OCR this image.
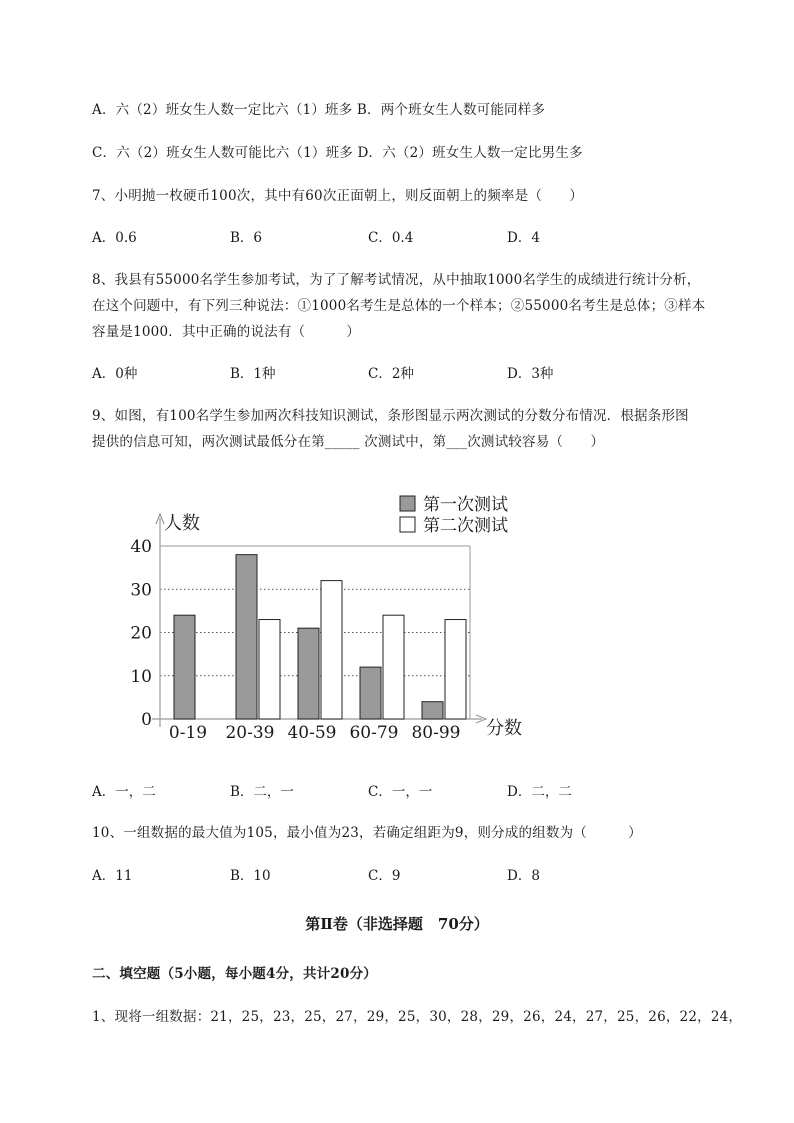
A．六（2）班女生人数一定比六（1）班多 B．两个班女生人数可能同样多
C．六（2）班女生人数可能比六（1）班多 D．六（2）班女生人数一定比男生多
7、小明抛一枚硬币100次，其中有60次正面朝上，则反面朝上的频率是（　　）
A．0.6	B．6	C．0.4	D．4
8、我县有55000名学生参加考试，为了了解考试情况，从中抽取1000名学生的成绩进行统计分析，
在这个问题中，有下列三种说法：①1000名考生是总体的一个样本；②55000名考生是总体；③样本
容量是1000．其中正确的说法有（　　　）
A．0种	B．1种	C．2种	D．3种
9、如图，有100名学生参加两次科技知识测试，条形图显示两次测试的分数分布情况．根据条形图
提供的信息可知，两次测试最低分在第_____ 次测试中，第___次测试较容易（　　）
0
10
20
30
40
人数
分数
0-19 20-39 40-59 60-79 80-99
第一次测试
第二次测试
A．一，二	B．二，一	C．一，一	D．二，二
10、一组数据的最大值为105，最小值为23，若确定组距为9，则分成的组数为（　　　）
A．11	B．10	C．9	D．8
第Ⅱ卷（非选择题　70分）
二、填空题（5小题，每小题4分，共计20分）
1、现将一组数据：21，25，23，25，27，29，25，30，28，29，26，24，27，25，26，22，24，
